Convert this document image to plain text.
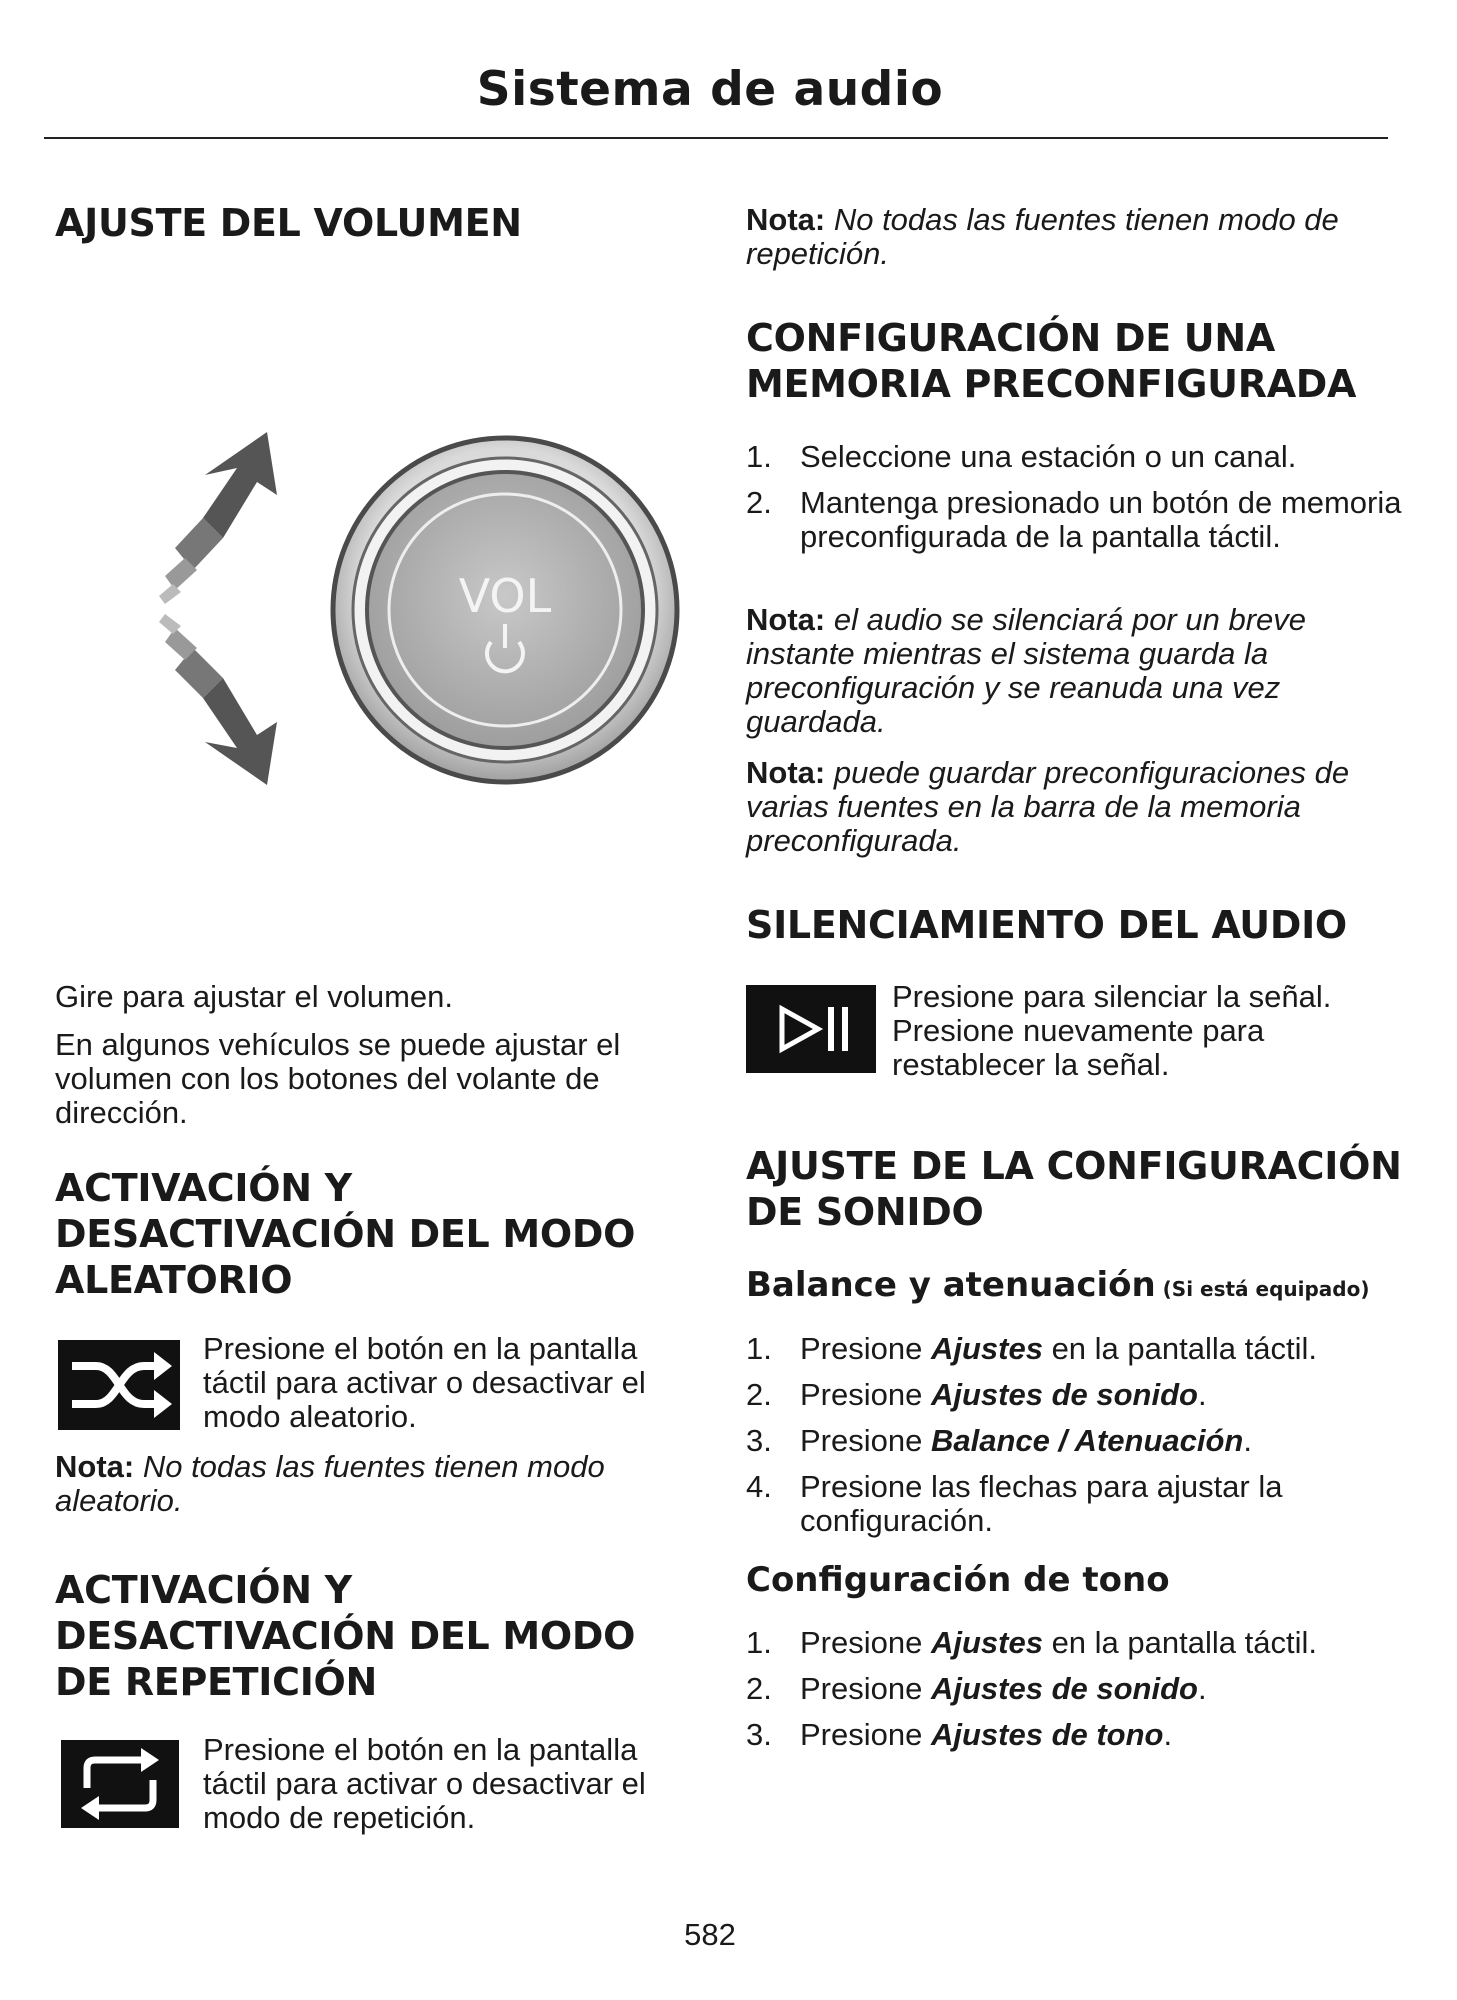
Sistema de audio
AJUSTE DEL VOLUMEN
VOL

Gire para ajustar el volumen.

En algunos vehículos se puede ajustar el volumen con los botones del volante de dirección.

ACTIVACIÓN Y DESACTIVACIÓN DEL MODO ALEATORIO

Presione el botón en la pantalla táctil para activar o desactivar el modo aleatorio.

Nota: No todas las fuentes tienen modo aleatorio.

ACTIVACIÓN Y DESACTIVACIÓN DEL MODO DE REPETICIÓN

Presione el botón en la pantalla táctil para activar o desactivar el modo de repetición.

Nota: No todas las fuentes tienen modo de repetición.

CONFIGURACIÓN DE UNA MEMORIA PRECONFIGURADA
1. Seleccione una estación o un canal.
2. Mantenga presionado un botón de memoria preconfigurada de la pantalla táctil.

Nota: el audio se silenciará por un breve instante mientras el sistema guarda la preconfiguración y se reanuda una vez guardada.

Nota: puede guardar preconfiguraciones de varias fuentes en la barra de la memoria preconfigurada.

SILENCIAMIENTO DEL AUDIO

Presione para silenciar la señal. Presione nuevamente para restablecer la señal.

AJUSTE DE LA CONFIGURACIÓN DE SONIDO
Balance y atenuación (Si está equipado)
1. Presione Ajustes en la pantalla táctil.
2. Presione Ajustes de sonido.
3. Presione Balance / Atenuación.
4. Presione las flechas para ajustar la configuración.
Configuración de tono
1. Presione Ajustes en la pantalla táctil.
2. Presione Ajustes de sonido.
3. Presione Ajustes de tono.
582
